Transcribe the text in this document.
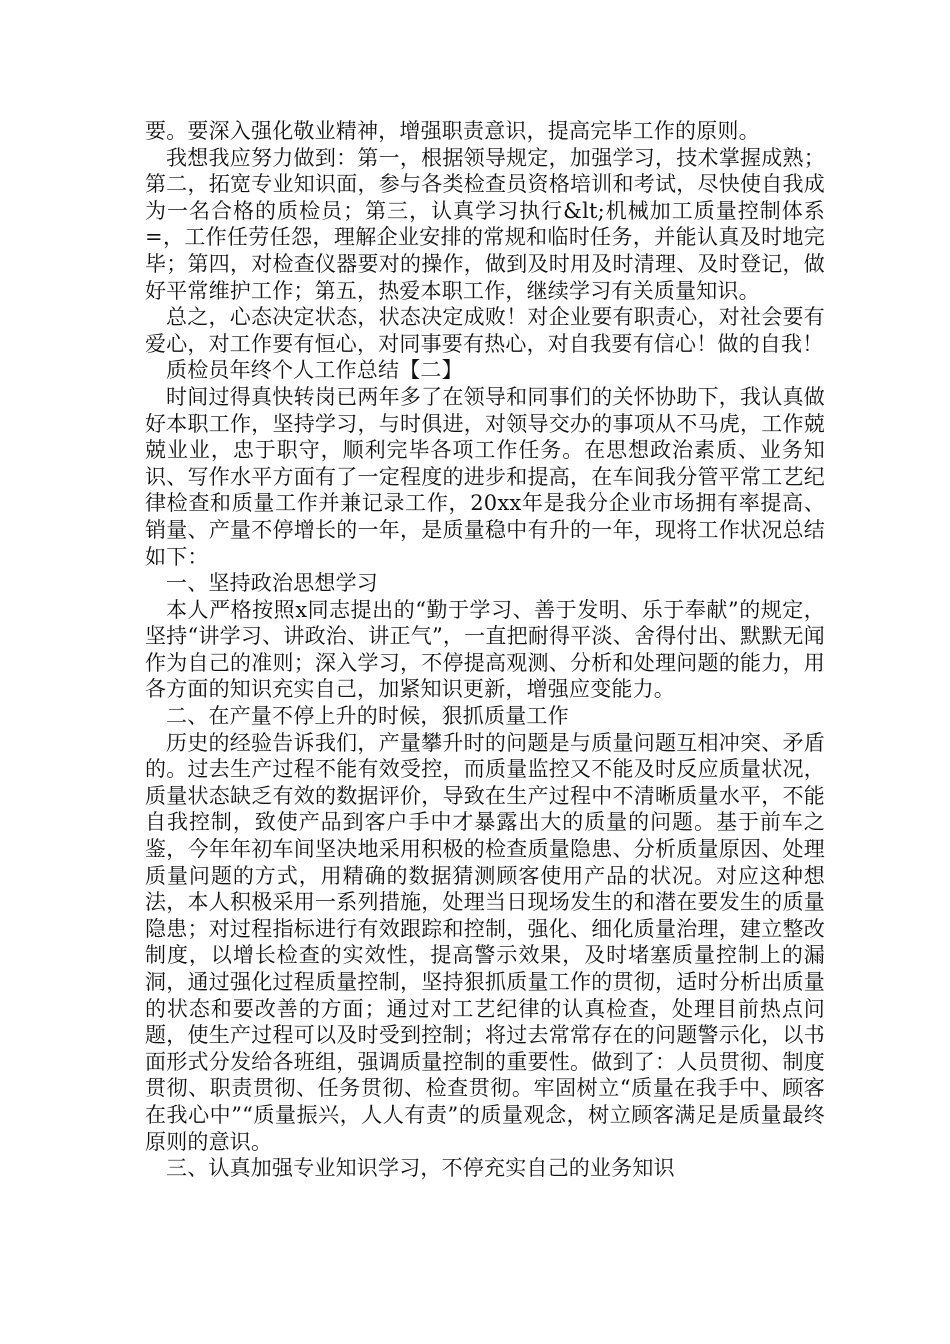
要。要深入强化敬业精神，增强职责意识，提高完毕工作的原则。

我想我应努力做到：第一，根据领导规定，加强学习，技术掌握成熟；第二，拓宽专业知识面，参与各类检查员资格培训和考试，尽快使自我成为一名合格的质检员；第三，认真学习执行&lt;机械加工质量控制体系=，工作任劳任怨，理解企业安排的常规和临时任务，并能认真及时地完毕；第四，对检查仪器要对的操作，做到及时用及时清理、及时登记，做好平常维护工作；第五，热爱本职工作，继续学习有关质量知识。

总之，心态决定状态，状态决定成败！对企业要有职责心，对社会要有爱心，对工作要有恒心，对同事要有热心，对自我要有信心！做的自我！

质检员年终个人工作总结【二】

时间过得真快转岗已两年多了在领导和同事们的关怀协助下，我认真做好本职工作，坚持学习，与时俱进，对领导交办的事项从不马虎，工作兢兢业业，忠于职守，顺利完毕各项工作任务。在思想政治素质、业务知识、写作水平方面有了一定程度的进步和提高，在车间我分管平常工艺纪律检查和质量工作并兼记录工作，20xx年是我分企业市场拥有率提高、销量、产量不停增长的一年，是质量稳中有升的一年，现将工作状况总结如下：

一、坚持政治思想学习

本人严格按照x同志提出的“勤于学习、善于发明、乐于奉献”的规定，坚持“讲学习、讲政治、讲正气”，一直把耐得平淡、舍得付出、默默无闻作为自己的准则；深入学习，不停提高观测、分析和处理问题的能力，用各方面的知识充实自己，加紧知识更新，增强应变能力。

二、在产量不停上升的时候，狠抓质量工作

历史的经验告诉我们，产量攀升时的问题是与质量问题互相冲突、矛盾的。过去生产过程不能有效受控，而质量监控又不能及时反应质量状况，质量状态缺乏有效的数据评价，导致在生产过程中不清晰质量水平，不能自我控制，致使产品到客户手中才暴露出大的质量的问题。基于前车之鉴，今年年初车间坚决地采用积极的检查质量隐患、分析质量原因、处理质量问题的方式，用精确的数据猜测顾客使用产品的状况。对应这种想法，本人积极采用一系列措施，处理当日现场发生的和潜在要发生的质量隐患；对过程指标进行有效跟踪和控制，强化、细化质量治理，建立整改制度，以增长检查的实效性，提高警示效果，及时堵塞质量控制上的漏洞，通过强化过程质量控制，坚持狠抓质量工作的贯彻，适时分析出质量的状态和要改善的方面；通过对工艺纪律的认真检查，处理目前热点问题，使生产过程可以及时受到控制；将过去常常存在的问题警示化，以书面形式分发给各班组，强调质量控制的重要性。做到了：人员贯彻、制度贯彻、职责贯彻、任务贯彻、检查贯彻。牢固树立“质量在我手中、顾客在我心中”“质量振兴，人人有责”的质量观念，树立顾客满足是质量最终原则的意识。

三、认真加强专业知识学习，不停充实自己的业务知识
